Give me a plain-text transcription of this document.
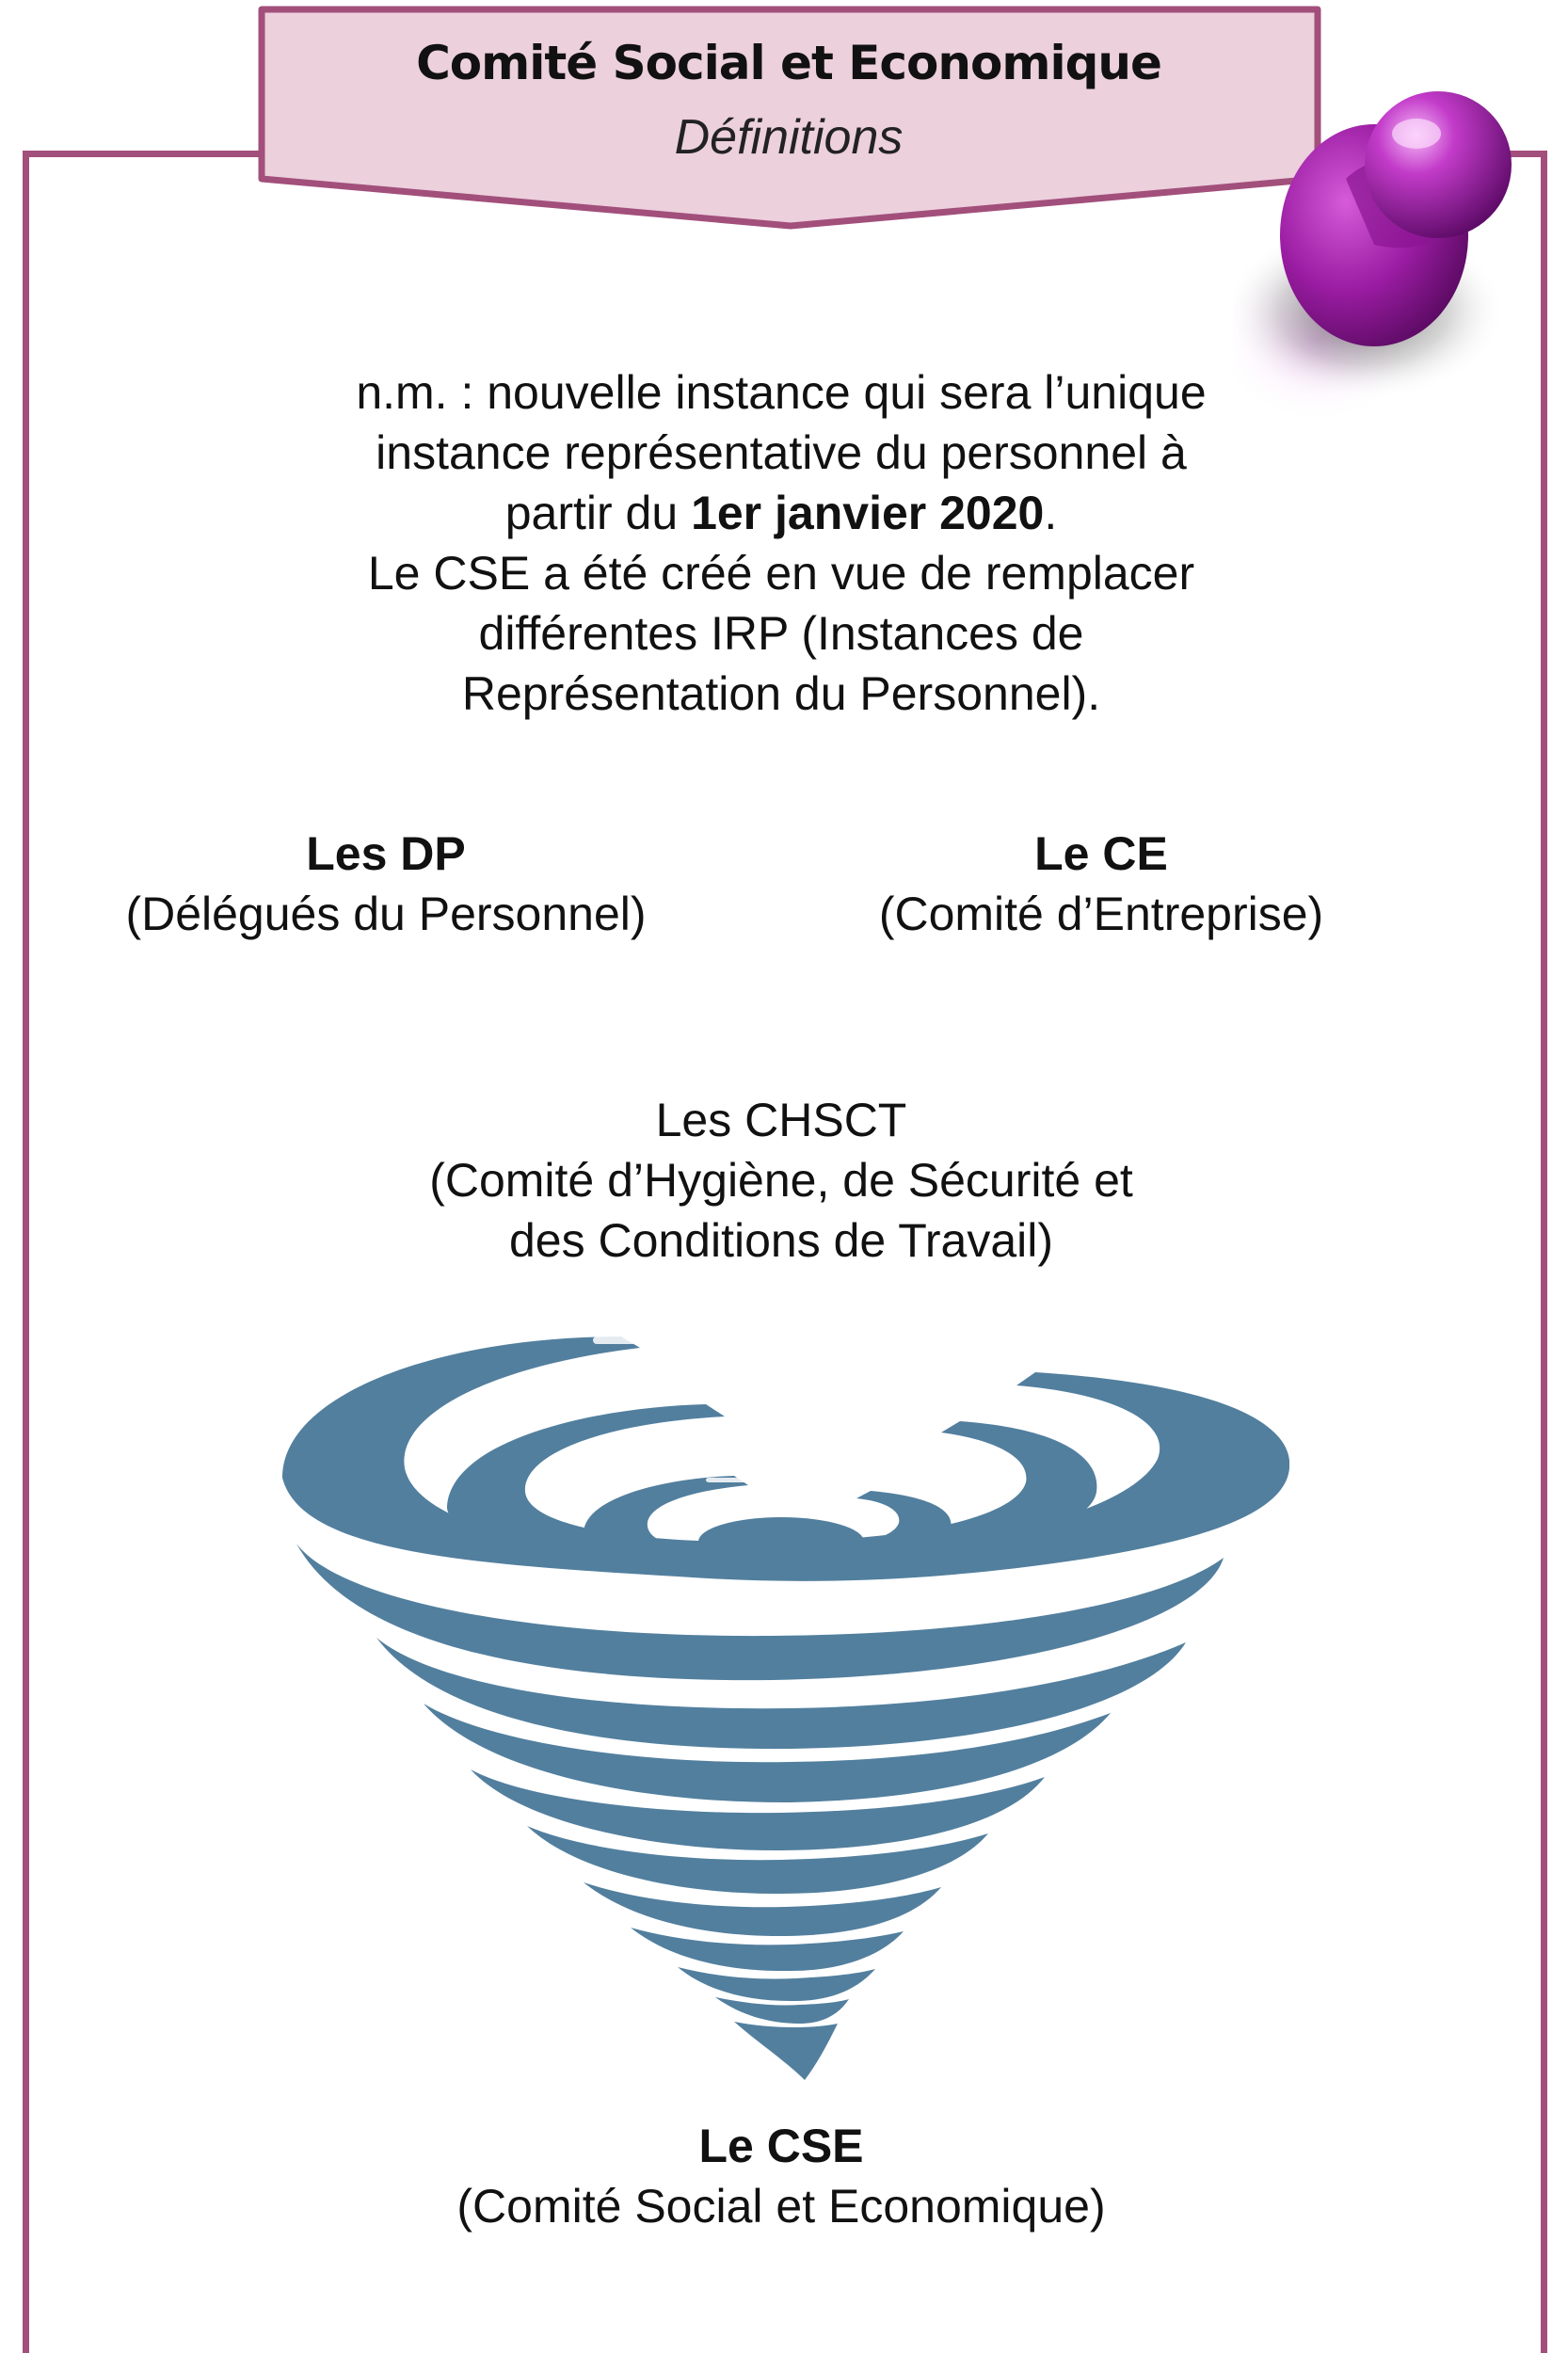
Comité Social et Economique
Définitions

n.m. : nouvelle instance qui sera l’unique

instance représentative du personnel à

partir du 1er janvier 2020.

Le CSE a été créé en vue de remplacer

différentes IRP (Instances de

Représentation du Personnel).

Les DP
(Délégués du Personnel)
Le CE
(Comité d’Entreprise)
Les CHSCT
(Comité d’Hygiène, de Sécurité et
des Conditions de Travail)
Le CSE
(Comité Social et Economique)
